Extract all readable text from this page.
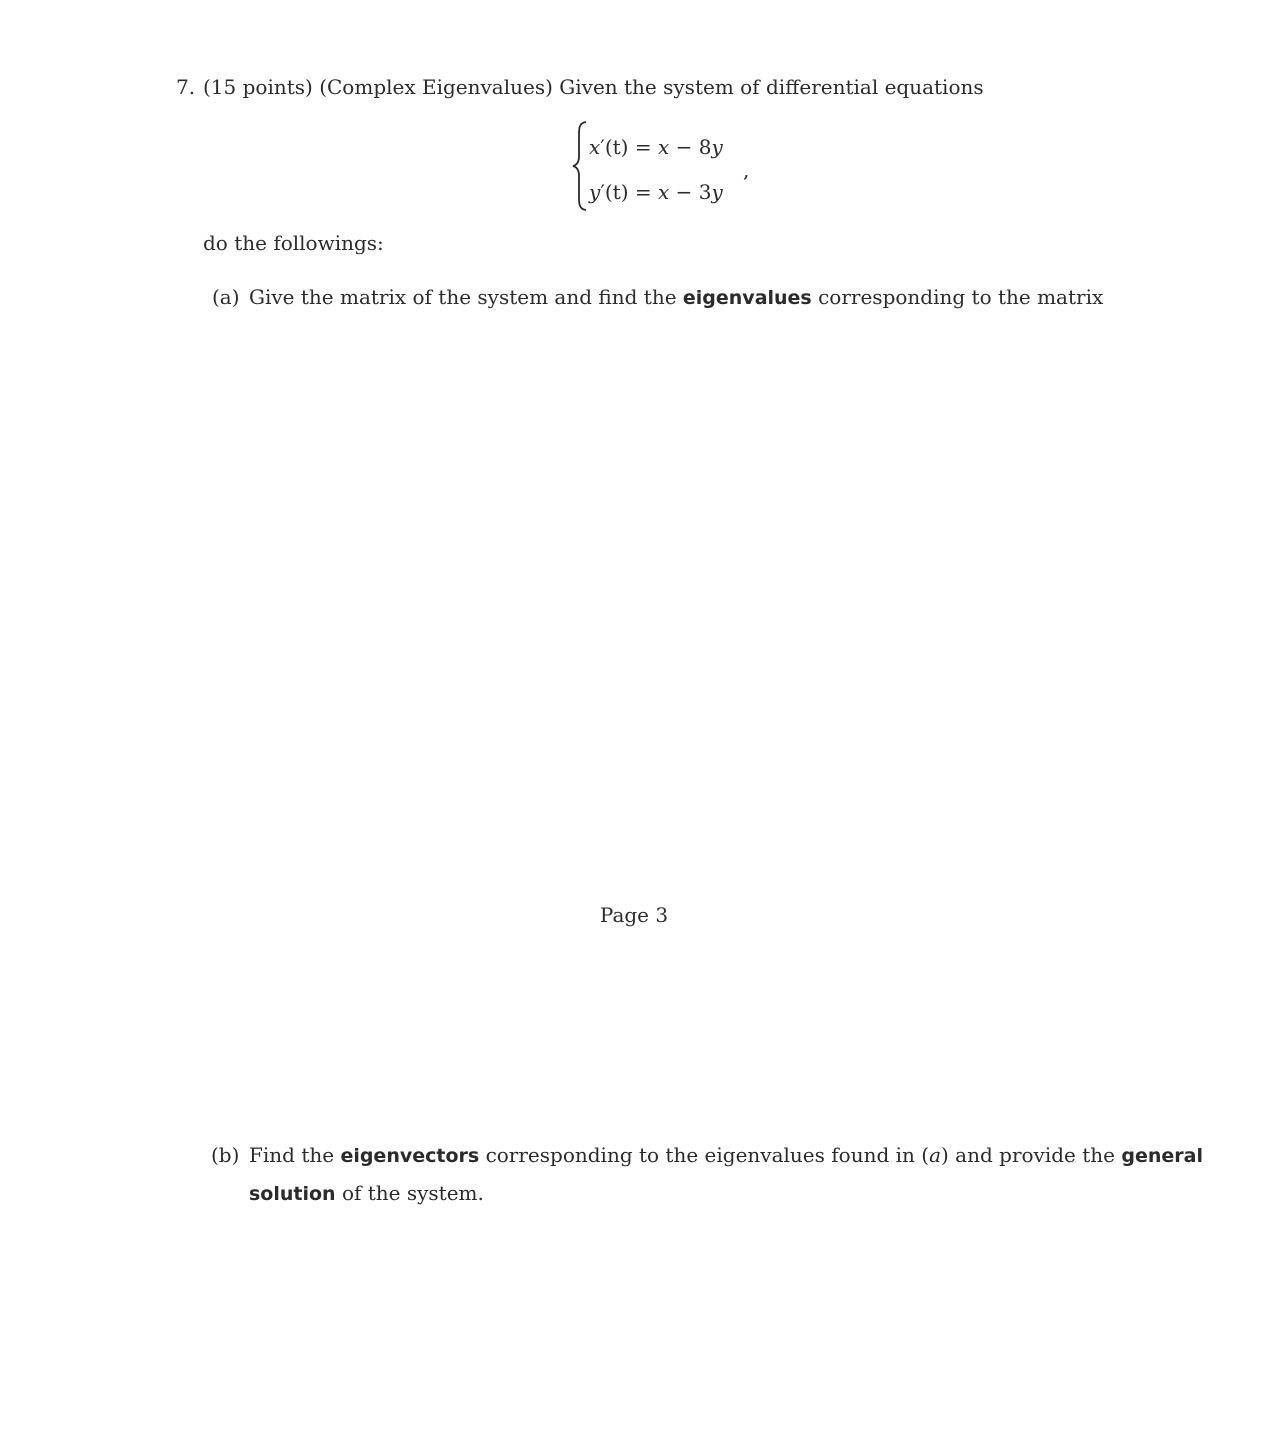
7. (15 points) (Complex Eigenvalues) Given the system of differential equations
x′(t) = x − 8y
y′(t) = x − 3y
,
do the followings:
(a) Give the matrix of the system and find the eigenvalues corresponding to the matrix
Page 3
(b) Find the eigenvectors corresponding to the eigenvalues found in (a) and provide the general
solution of the system.
